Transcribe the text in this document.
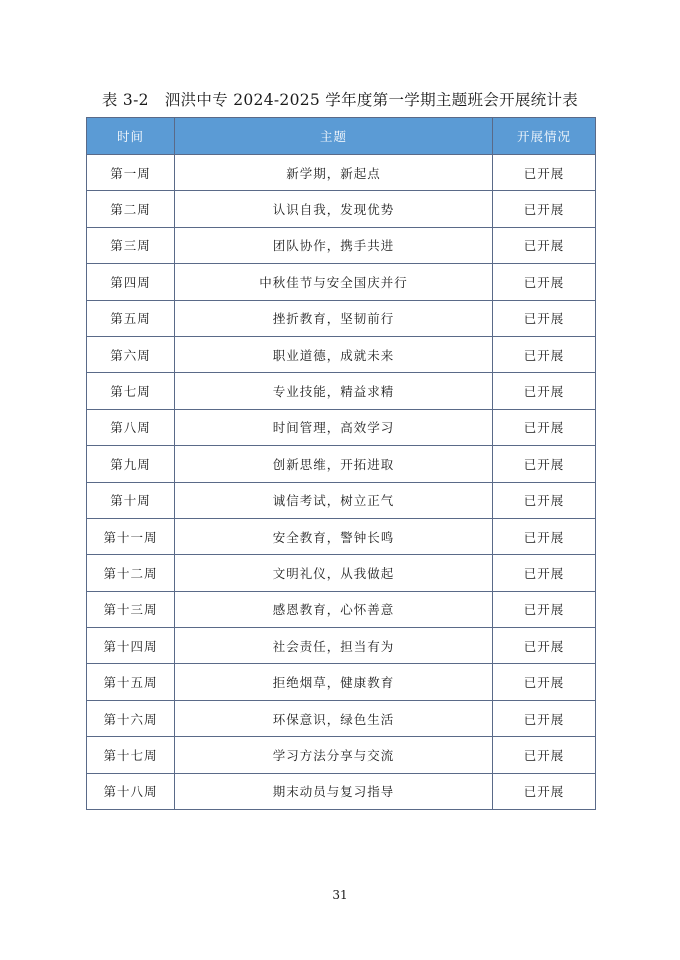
表 3-2 泗洪中专 2024-2025 学年度第一学期主题班会开展统计表
时间	主题	开展情况
第一周	新学期，新起点	已开展
第二周	认识自我，发现优势	已开展
第三周	团队协作，携手共进	已开展
第四周	中秋佳节与安全国庆并行	已开展
第五周	挫折教育，坚韧前行	已开展
第六周	职业道德，成就未来	已开展
第七周	专业技能，精益求精	已开展
第八周	时间管理，高效学习	已开展
第九周	创新思维，开拓进取	已开展
第十周	诚信考试，树立正气	已开展
第十一周	安全教育，警钟长鸣	已开展
第十二周	文明礼仪，从我做起	已开展
第十三周	感恩教育，心怀善意	已开展
第十四周	社会责任，担当有为	已开展
第十五周	拒绝烟草，健康教育	已开展
第十六周	环保意识，绿色生活	已开展
第十七周	学习方法分享与交流	已开展
第十八周	期末动员与复习指导	已开展
31
